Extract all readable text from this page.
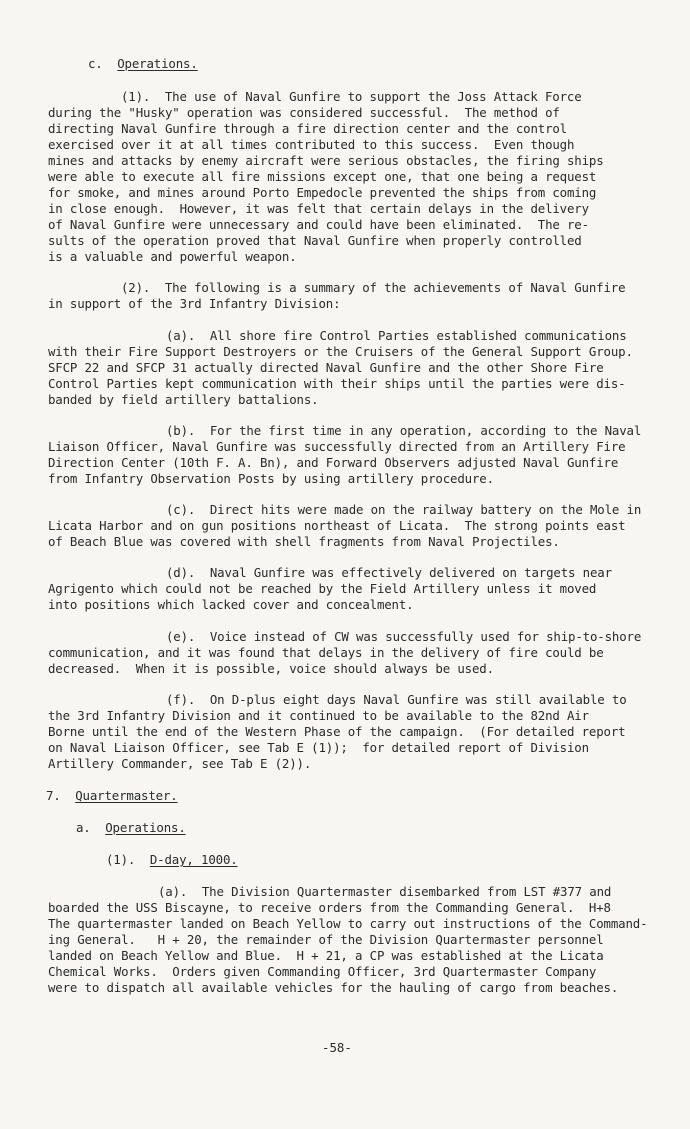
c. Operations.
(1).  The use of Naval Gunfire to support the Joss Attack Force
during the "Husky" operation was considered successful.  The method of
directing Naval Gunfire through a fire direction center and the control
exercised over it at all times contributed to this success.  Even though
mines and attacks by enemy aircraft were serious obstacles, the firing ships
were able to execute all fire missions except one, that one being a request
for smoke, and mines around Porto Empedocle prevented the ships from coming
in close enough.  However, it was felt that certain delays in the delivery
of Naval Gunfire were unnecessary and could have been eliminated.  The re-
sults of the operation proved that Naval Gunfire when properly controlled
is a valuable and powerful weapon.
(2).  The following is a summary of the achievements of Naval Gunfire
in support of the 3rd Infantry Division:
(a).  All shore fire Control Parties established communications
with their Fire Support Destroyers or the Cruisers of the General Support Group.
SFCP 22 and SFCP 31 actually directed Naval Gunfire and the other Shore Fire
Control Parties kept communication with their ships until the parties were dis-
banded by field artillery battalions.
(b).  For the first time in any operation, according to the Naval
Liaison Officer, Naval Gunfire was successfully directed from an Artillery Fire
Direction Center (10th F. A. Bn), and Forward Observers adjusted Naval Gunfire
from Infantry Observation Posts by using artillery procedure.
(c).  Direct hits were made on the railway battery on the Mole in
Licata Harbor and on gun positions northeast of Licata.  The strong points east
of Beach Blue was covered with shell fragments from Naval Projectiles.
(d).  Naval Gunfire was effectively delivered on targets near
Agrigento which could not be reached by the Field Artillery unless it moved
into positions which lacked cover and concealment.
(e).  Voice instead of CW was successfully used for ship-to-shore
communication, and it was found that delays in the delivery of fire could be
decreased.  When it is possible, voice should always be used.
(f).  On D-plus eight days Naval Gunfire was still available to
the 3rd Infantry Division and it continued to be available to the 82nd Air
Borne until the end of the Western Phase of the campaign.  (For detailed report
on Naval Liaison Officer, see Tab E (1));  for detailed report of Division
Artillery Commander, see Tab E (2)).
7. Quartermaster.
a. Operations.
(1). D-day, 1000.
(a).  The Division Quartermaster disembarked from LST #377 and
boarded the USS Biscayne, to receive orders from the Commanding General.  H+8
The quartermaster landed on Beach Yellow to carry out instructions of the Command-
ing General.   H + 20, the remainder of the Division Quartermaster personnel
landed on Beach Yellow and Blue.  H + 21, a CP was established at the Licata
Chemical Works.  Orders given Commanding Officer, 3rd Quartermaster Company
were to dispatch all available vehicles for the hauling of cargo from beaches.
-58-
